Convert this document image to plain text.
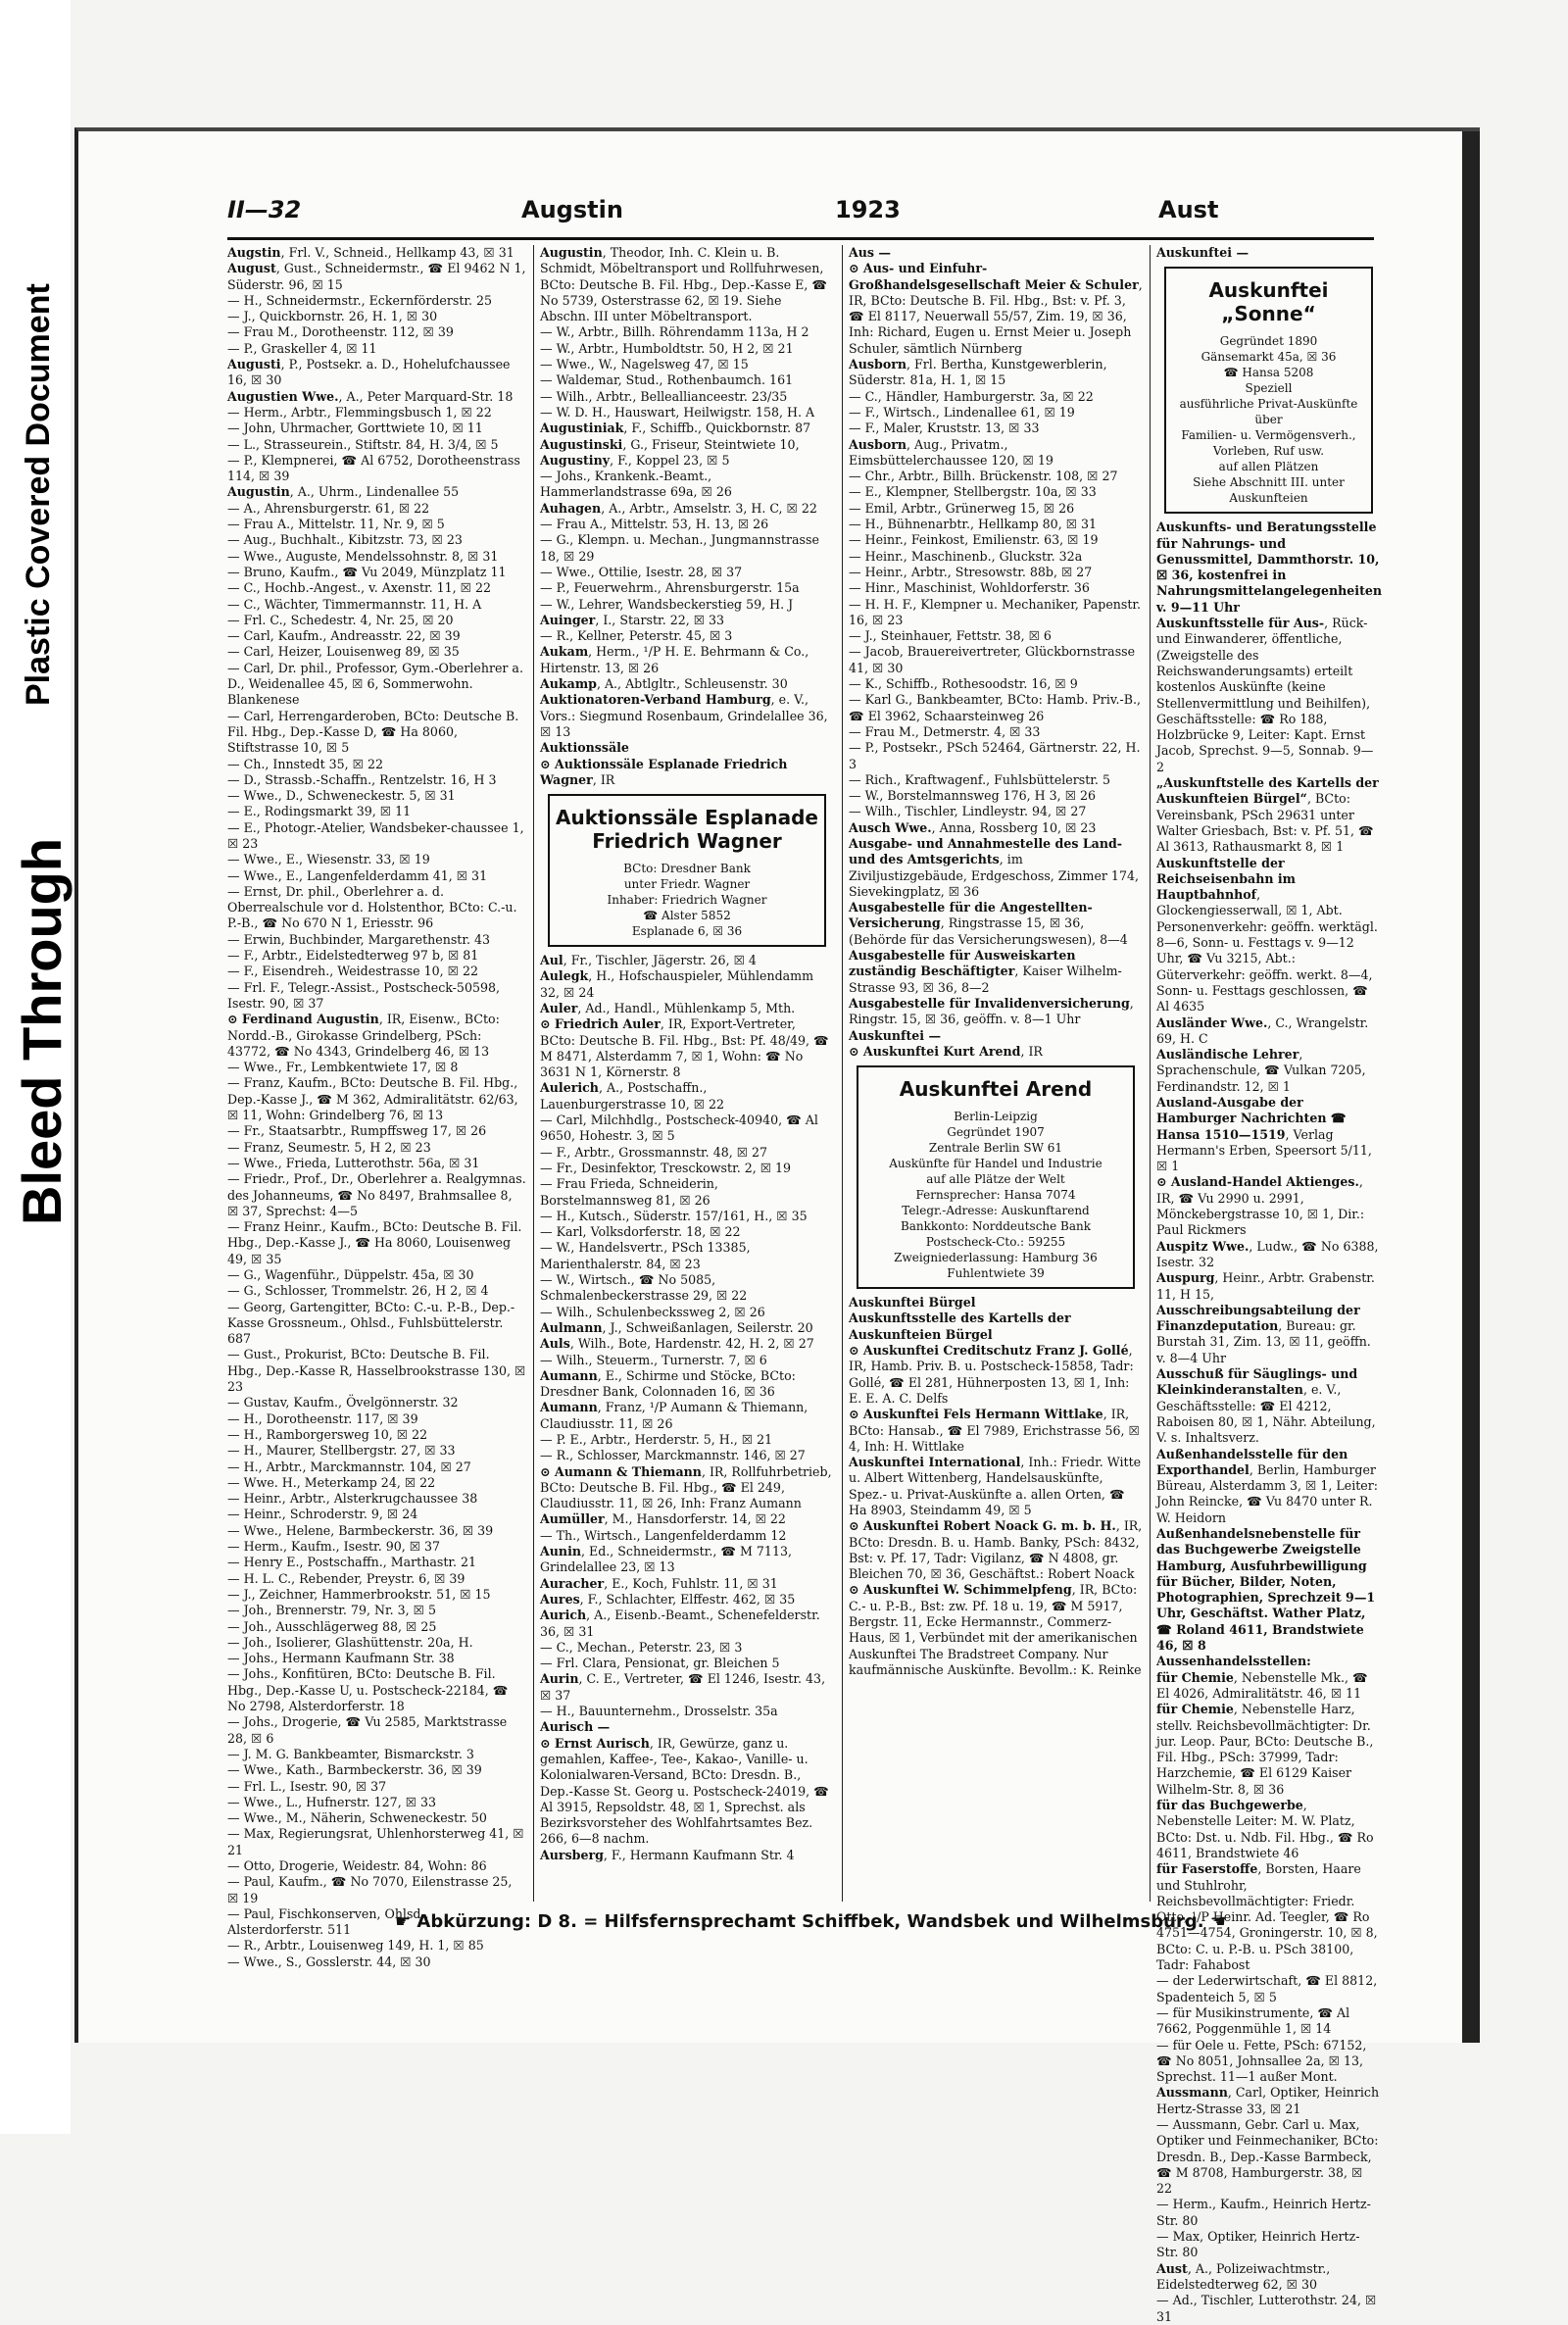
Bleed Through
Plastic Covered Document
II—32	Augstin	1923	Aust

Augstin, Frl. V., Schneid., Hellkamp 43, ☒ 31

August, Gust., Schneidermstr., ☎ El 9462 N 1, Süderstr. 96, ☒ 15

— H., Schneidermstr., Eckernförderstr. 25

— J., Quickbornstr. 26, H. 1, ☒ 30

— Frau M., Dorotheenstr. 112, ☒ 39

— P., Graskeller 4, ☒ 11

Augusti, P., Postsekr. a. D., Hohelufchaussee 16, ☒ 30

Augustien Wwe., A., Peter Marquard-Str. 18

— Herm., Arbtr., Flemmingsbusch 1, ☒ 22

— John, Uhrmacher, Gorttwiete 10, ☒ 11

— L., Strasseurein., Stiftstr. 84, H. 3/4, ☒ 5

— P., Klempnerei, ☎ Al 6752, Dorotheenstrass 114, ☒ 39

Augustin, A., Uhrm., Lindenallee 55

— A., Ahrensburgerstr. 61, ☒ 22

— Frau A., Mittelstr. 11, Nr. 9, ☒ 5

— Aug., Buchhalt., Kibitzstr. 73, ☒ 23

— Wwe., Auguste, Mendelssohnstr. 8, ☒ 31

— Bruno, Kaufm., ☎ Vu 2049, Münzplatz 11

— C., Hochb.-Angest., v. Axenstr. 11, ☒ 22

— C., Wächter, Timmermannstr. 11, H. A

— Frl. C., Schedestr. 4, Nr. 25, ☒ 20

— Carl, Kaufm., Andreasstr. 22, ☒ 39

— Carl, Heizer, Louisenweg 89, ☒ 35

— Carl, Dr. phil., Professor, Gym.-Oberlehrer a. D., Weidenallee 45, ☒ 6, Sommerwohn. Blankenese

— Carl, Herrengarderoben, BCto: Deutsche B. Fil. Hbg., Dep.-Kasse D, ☎ Ha 8060, Stiftstrasse 10, ☒ 5

— Ch., Innstedt 35, ☒ 22

— D., Strassb.-Schaffn., Rentzelstr. 16, H 3

— Wwe., D., Schweneckestr. 5, ☒ 31

— E., Rodingsmarkt 39, ☒ 11

— E., Photogr.-Atelier, Wandsbeker-chaussee 1, ☒ 23

— Wwe., E., Wiesenstr. 33, ☒ 19

— Wwe., E., Langenfelderdamm 41, ☒ 31

— Ernst, Dr. phil., Oberlehrer a. d. Oberrealschule vor d. Holstenthor, BCto: C.-u. P.-B., ☎ No 670 N 1, Eriesstr. 96

— Erwin, Buchbinder, Margarethenstr. 43

— F., Arbtr., Eidelstedterweg 97 b, ☒ 81

— F., Eisendreh., Weidestrasse 10, ☒ 22

— Frl. F., Telegr.-Assist., Postscheck-50598, Isestr. 90, ☒ 37

⊙ Ferdinand Augustin, IR, Eisenw., BCto: Nordd.-B., Girokasse Grindelberg, PSch: 43772, ☎ No 4343, Grindelberg 46, ☒ 13

— Wwe., Fr., Lembkentwiete 17, ☒ 8

— Franz, Kaufm., BCto: Deutsche B. Fil. Hbg., Dep.-Kasse J., ☎ M 362, Admiralitätstr. 62/63, ☒ 11, Wohn: Grindelberg 76, ☒ 13

— Fr., Staatsarbtr., Rumpffsweg 17, ☒ 26

— Franz, Seumestr. 5, H 2, ☒ 23

— Wwe., Frieda, Lutterothstr. 56a, ☒ 31

— Friedr., Prof., Dr., Oberlehrer a. Realgymnas. des Johanneums, ☎ No 8497, Brahmsallee 8, ☒ 37, Sprechst: 4—5

— Franz Heinr., Kaufm., BCto: Deutsche B. Fil. Hbg., Dep.-Kasse J., ☎ Ha 8060, Louisenweg 49, ☒ 35

— G., Wagenführ., Düppelstr. 45a, ☒ 30

— G., Schlosser, Trommelstr. 26, H 2, ☒ 4

— Georg, Gartengitter, BCto: C.-u. P.-B., Dep.-Kasse Grossneum., Ohlsd., Fuhlsbüttelerstr. 687

— Gust., Prokurist, BCto: Deutsche B. Fil. Hbg., Dep.-Kasse R, Hasselbrookstrasse 130, ☒ 23

— Gustav, Kaufm., Övelgönnerstr. 32

— H., Dorotheenstr. 117, ☒ 39

— H., Ramborgersweg 10, ☒ 22

— H., Maurer, Stellbergstr. 27, ☒ 33

— H., Arbtr., Marckmannstr. 104, ☒ 27

— Wwe. H., Meterkamp 24, ☒ 22

— Heinr., Arbtr., Alsterkrugchaussee 38

— Heinr., Schroderstr. 9, ☒ 24

— Wwe., Helene, Barmbeckerstr. 36, ☒ 39

— Herm., Kaufm., Isestr. 90, ☒ 37

— Henry E., Postschaffn., Marthastr. 21

— H. L. C., Rebender, Preystr. 6, ☒ 39

— J., Zeichner, Hammerbrookstr. 51, ☒ 15

— Joh., Brennerstr. 79, Nr. 3, ☒ 5

— Joh., Ausschlägerweg 88, ☒ 25

— Joh., Isolierer, Glashüttenstr. 20a, H.

— Johs., Hermann Kaufmann Str. 38

— Johs., Konfitüren, BCto: Deutsche B. Fil. Hbg., Dep.-Kasse U, u. Postscheck-22184, ☎ No 2798, Alsterdorferstr. 18

— Johs., Drogerie, ☎ Vu 2585, Marktstrasse 28, ☒ 6

— J. M. G. Bankbeamter, Bismarckstr. 3

— Wwe., Kath., Barmbeckerstr. 36, ☒ 39

— Frl. L., Isestr. 90, ☒ 37

— Wwe., L., Hufnerstr. 127, ☒ 33

— Wwe., M., Näherin, Schweneckestr. 50

— Max, Regierungsrat, Uhlenhorsterweg 41, ☒ 21

— Otto, Drogerie, Weidestr. 84, Wohn: 86

— Paul, Kaufm., ☎ No 7070, Eilenstrasse 25, ☒ 19

— Paul, Fischkonserven, Ohlsd., Alsterdorferstr. 511

— R., Arbtr., Louisenweg 149, H. 1, ☒ 85

— Wwe., S., Gosslerstr. 44, ☒ 30

Augustin, Theodor, Inh. C. Klein u. B. Schmidt, Möbeltransport und Rollfuhrwesen, BCto: Deutsche B. Fil. Hbg., Dep.-Kasse E, ☎ No 5739, Osterstrasse 62, ☒ 19. Siehe Abschn. III unter Möbeltransport.

— W., Arbtr., Billh. Röhrendamm 113a, H 2

— W., Arbtr., Humboldtstr. 50, H 2, ☒ 21

— Wwe., W., Nagelsweg 47, ☒ 15

— Waldemar, Stud., Rothenbaumch. 161

— Wilh., Arbtr., Belleallianceestr. 23/35

— W. D. H., Hauswart, Heilwigstr. 158, H. A

Augustiniak, F., Schiffb., Quickbornstr. 87

Augustinski, G., Friseur, Steintwiete 10,

Augustiny, F., Koppel 23, ☒ 5

— Johs., Krankenk.-Beamt., Hammerlandstrasse 69a, ☒ 26

Auhagen, A., Arbtr., Amselstr. 3, H. C, ☒ 22

— Frau A., Mittelstr. 53, H. 13, ☒ 26

— G., Klempn. u. Mechan., Jungmannstrasse 18, ☒ 29

— Wwe., Ottilie, Isestr. 28, ☒ 37

— P., Feuerwehrm., Ahrensburgerstr. 15a

— W., Lehrer, Wandsbeckerstieg 59, H. J

Auinger, I., Starstr. 22, ☒ 33

— R., Kellner, Peterstr. 45, ☒ 3

Aukam, Herm., ¹/P H. E. Behrmann & Co., Hirtenstr. 13, ☒ 26

Aukamp, A., Abtlgltr., Schleusenstr. 30

Auktionatoren-Verband Hamburg, e. V., Vors.: Siegmund Rosenbaum, Grindelallee 36, ☒ 13

Auktionssäle

⊙ Auktionssäle Esplanade Friedrich Wagner, IR

Auktionssäle Esplanade Friedrich Wagner
BCto: Dresdner Bank
unter Friedr. Wagner
Inhaber: Friedrich Wagner
☎ Alster 5852
Esplanade 6, ☒ 36

Aul, Fr., Tischler, Jägerstr. 26, ☒ 4

Aulegk, H., Hofschauspieler, Mühlendamm 32, ☒ 24

Auler, Ad., Handl., Mühlenkamp 5, Mth.

⊙ Friedrich Auler, IR, Export-Vertreter, BCto: Deutsche B. Fil. Hbg., Bst: Pf. 48/49, ☎ M 8471, Alsterdamm 7, ☒ 1, Wohn: ☎ No 3631 N 1, Körnerstr. 8

Aulerich, A., Postschaffn., Lauenburgerstrasse 10, ☒ 22

— Carl, Milchhdlg., Postscheck-40940, ☎ Al 9650, Hohestr. 3, ☒ 5

— F., Arbtr., Grossmannstr. 48, ☒ 27

— Fr., Desinfektor, Tresckowstr. 2, ☒ 19

— Frau Frieda, Schneiderin, Borstelmannsweg 81, ☒ 26

— H., Kutsch., Süderstr. 157/161, H., ☒ 35

— Karl, Volksdorferstr. 18, ☒ 22

— W., Handelsvertr., PSch 13385, Marienthalerstr. 84, ☒ 23

— W., Wirtsch., ☎ No 5085, Schmalenbeckerstrasse 29, ☒ 22

— Wilh., Schulenbeckssweg 2, ☒ 26

Aulmann, J., Schweißanlagen, Seilerstr. 20

Auls, Wilh., Bote, Hardenstr. 42, H. 2, ☒ 27

— Wilh., Steuerm., Turnerstr. 7, ☒ 6

Aumann, E., Schirme und Stöcke, BCto: Dresdner Bank, Colonnaden 16, ☒ 36

Aumann, Franz, ¹/P Aumann & Thiemann, Claudiusstr. 11, ☒ 26

— P. E., Arbtr., Herderstr. 5, H., ☒ 21

— R., Schlosser, Marckmannstr. 146, ☒ 27

⊙ Aumann & Thiemann, IR, Rollfuhrbetrieb, BCto: Deutsche B. Fil. Hbg., ☎ El 249, Claudiusstr. 11, ☒ 26, Inh: Franz Aumann

Aumüller, M., Hansdorferstr. 14, ☒ 22

— Th., Wirtsch., Langenfelderdamm 12

Aunin, Ed., Schneidermstr., ☎ M 7113, Grindelallee 23, ☒ 13

Auracher, E., Koch, Fuhlstr. 11, ☒ 31

Aures, F., Schlachter, Elffestr. 462, ☒ 35

Aurich, A., Eisenb.-Beamt., Schenefelderstr. 36, ☒ 31

— C., Mechan., Peterstr. 23, ☒ 3

— Frl. Clara, Pensionat, gr. Bleichen 5

Aurin, C. E., Vertreter, ☎ El 1246, Isestr. 43, ☒ 37

— H., Bauunternehm., Drosselstr. 35a

Aurisch —

⊙ Ernst Aurisch, IR, Gewürze, ganz u. gemahlen, Kaffee-, Tee-, Kakao-, Vanille- u. Kolonialwaren-Versand, BCto: Dresdn. B., Dep.-Kasse St. Georg u. Postscheck-24019, ☎ Al 3915, Repsoldstr. 48, ☒ 1, Sprechst. als Bezirksvorsteher des Wohlfahrtsamtes Bez. 266, 6—8 nachm.

Aursberg, F., Hermann Kaufmann Str. 4

Aus —

⊙ Aus- und Einfuhr-Großhandelsgesellschaft Meier & Schuler, IR, BCto: Deutsche B. Fil. Hbg., Bst: v. Pf. 3, ☎ El 8117, Neuerwall 55/57, Zim. 19, ☒ 36, Inh: Richard, Eugen u. Ernst Meier u. Joseph Schuler, sämtlich Nürnberg

Ausborn, Frl. Bertha, Kunstgewerblerin, Süderstr. 81a, H. 1, ☒ 15

— C., Händler, Hamburgerstr. 3a, ☒ 22

— F., Wirtsch., Lindenallee 61, ☒ 19

— F., Maler, Kruststr. 13, ☒ 33

Ausborn, Aug., Privatm., Eimsbüttelerchaussee 120, ☒ 19

— Chr., Arbtr., Billh. Brückenstr. 108, ☒ 27

— E., Klempner, Stellbergstr. 10a, ☒ 33

— Emil, Arbtr., Grünerweg 15, ☒ 26

— H., Bühnenarbtr., Hellkamp 80, ☒ 31

— Heinr., Feinkost, Emilienstr. 63, ☒ 19

— Heinr., Maschinenb., Gluckstr. 32a

— Heinr., Arbtr., Stresowstr. 88b, ☒ 27

— Hinr., Maschinist, Wohldorferstr. 36

— H. H. F., Klempner u. Mechaniker, Papenstr. 16, ☒ 23

— J., Steinhauer, Fettstr. 38, ☒ 6

— Jacob, Brauereivertreter, Glückbornstrasse 41, ☒ 30

— K., Schiffb., Rothesoodstr. 16, ☒ 9

— Karl G., Bankbeamter, BCto: Hamb. Priv.-B., ☎ El 3962, Schaarsteinweg 26

— Frau M., Detmerstr. 4, ☒ 33

— P., Postsekr., PSch 52464, Gärtnerstr. 22, H. 3

— Rich., Kraftwagenf., Fuhlsbüttelerstr. 5

— W., Borstelmannsweg 176, H 3, ☒ 26

— Wilh., Tischler, Lindleystr. 94, ☒ 27

Ausch Wwe., Anna, Rossberg 10, ☒ 23

Ausgabe- und Annahmestelle des Land- und des Amtsgerichts, im Ziviljustizgebäude, Erdgeschoss, Zimmer 174, Sievekingplatz, ☒ 36

Ausgabestelle für die Angestellten-Versicherung, Ringstrasse 15, ☒ 36, (Behörde für das Versicherungswesen), 8—4

Ausgabestelle für Ausweiskarten zuständig Beschäftigter, Kaiser Wilhelm-Strasse 93, ☒ 36, 8—2

Ausgabestelle für Invalidenversicherung, Ringstr. 15, ☒ 36, geöffn. v. 8—1 Uhr

Auskunftei —

⊙ Auskunftei Kurt Arend, IR

Auskunftei Arend
Berlin-Leipzig
Gegründet 1907
Zentrale Berlin SW 61
Auskünfte für Handel und Industrie
auf alle Plätze der Welt
Fernsprecher: Hansa 7074
Telegr.-Adresse: Auskunftarend
Bankkonto: Norddeutsche Bank
Postscheck-Cto.: 59255
Zweigniederlassung: Hamburg 36
Fuhlentwiete 39

Auskunftei Bürgel

Auskunftsstelle des Kartells der Auskunfteien Bürgel

⊙ Auskunftei Creditschutz Franz J. Gollé, IR, Hamb. Priv. B. u. Postscheck-15858, Tadr: Gollé, ☎ El 281, Hühnerposten 13, ☒ 1, Inh: E. E. A. C. Delfs

⊙ Auskunftei Fels Hermann Wittlake, IR, BCto: Hansab., ☎ El 7989, Erichstrasse 56, ☒ 4, Inh: H. Wittlake

Auskunftei International, Inh.: Friedr. Witte u. Albert Wittenberg, Handelsauskünfte, Spez.- u. Privat-Auskünfte a. allen Orten, ☎ Ha 8903, Steindamm 49, ☒ 5

⊙ Auskunftei Robert Noack G. m. b. H., IR, BCto: Dresdn. B. u. Hamb. Banky, PSch: 8432, Bst: v. Pf. 17, Tadr: Vigilanz, ☎ N 4808, gr. Bleichen 70, ☒ 36, Geschäftst.: Robert Noack

⊙ Auskunftei W. Schimmelpfeng, IR, BCto: C.- u. P.-B., Bst: zw. Pf. 18 u. 19, ☎ M 5917, Bergstr. 11, Ecke Hermannstr., Commerz-Haus, ☒ 1, Verbündet mit der amerikanischen Auskunftei The Bradstreet Company. Nur kaufmännische Auskünfte. Bevollm.: K. Reinke

Auskunftei —

Auskunftei „Sonne“
Gegründet 1890
Gänsemarkt 45a, ☒ 36
☎ Hansa 5208
Speziell
ausführliche Privat-Auskünfte
über
Familien- u. Vermögensverh.,
Vorleben, Ruf usw.
auf allen Plätzen
Siehe Abschnitt III. unter
Auskunfteien

Auskunfts- und Beratungsstelle für Nahrungs- und Genussmittel, Dammthorstr. 10, ☒ 36, kostenfrei in Nahrungsmittelangelegenheiten v. 9—11 Uhr

Auskunftsstelle für Aus-, Rück- und Einwanderer, öffentliche, (Zweigstelle des Reichswanderungsamts) erteilt kostenlos Auskünfte (keine Stellenvermittlung und Beihilfen), Geschäftsstelle: ☎ Ro 188, Holzbrücke 9, Leiter: Kapt. Ernst Jacob, Sprechst. 9—5, Sonnab. 9—2

„Auskunftstelle des Kartells der Auskunfteien Bürgel“, BCto: Vereinsbank, PSch 29631 unter Walter Griesbach, Bst: v. Pf. 51, ☎ Al 3613, Rathausmarkt 8, ☒ 1

Auskunftstelle der Reichseisenbahn im Hauptbahnhof, Glockengiesserwall, ☒ 1, Abt. Personenverkehr: geöffn. werktägl. 8—6, Sonn- u. Festtags v. 9—12 Uhr, ☎ Vu 3215, Abt.: Güterverkehr: geöffn. werkt. 8—4, Sonn- u. Festtags geschlossen, ☎ Al 4635

Ausländer Wwe., C., Wrangelstr. 69, H. C

Ausländische Lehrer, Sprachenschule, ☎ Vulkan 7205, Ferdinandstr. 12, ☒ 1

Ausland-Ausgabe der Hamburger Nachrichten ☎ Hansa 1510—1519, Verlag Hermann's Erben, Speersort 5/11, ☒ 1

⊙ Ausland-Handel Aktienges., IR, ☎ Vu 2990 u. 2991, Mönckebergstrasse 10, ☒ 1, Dir.: Paul Rickmers

Auspitz Wwe., Ludw., ☎ No 6388, Isestr. 32

Auspurg, Heinr., Arbtr. Grabenstr. 11, H 15,

Ausschreibungsabteilung der Finanzdeputation, Bureau: gr. Burstah 31, Zim. 13, ☒ 11, geöffn. v. 8—4 Uhr

Ausschuß für Säuglings- und Kleinkinderanstalten, e. V., Geschäftsstelle: ☎ El 4212, Raboisen 80, ☒ 1, Nähr. Abteilung, V. s. Inhaltsverz.

Außenhandelsstelle für den Exporthandel, Berlin, Hamburger Büreau, Alsterdamm 3, ☒ 1, Leiter: John Reincke, ☎ Vu 8470 unter R. W. Heidorn

Außenhandelsnebenstelle für das Buchgewerbe Zweigstelle Hamburg, Ausfuhrbewilligung für Bücher, Bilder, Noten, Photographien, Sprechzeit 9—1 Uhr, Geschäftst. Wather Platz, ☎ Roland 4611, Brandstwiete 46, ☒ 8

Aussenhandelsstellen:

für Chemie, Nebenstelle Mk., ☎ El 4026, Admiralitätstr. 46, ☒ 11

für Chemie, Nebenstelle Harz, stellv. Reichsbevollmächtigter: Dr. jur. Leop. Paur, BCto: Deutsche B., Fil. Hbg., PSch: 37999, Tadr: Harzchemie, ☎ El 6129 Kaiser Wilhelm-Str. 8, ☒ 36

für das Buchgewerbe, Nebenstelle Leiter: M. W. Platz, BCto: Dst. u. Ndb. Fil. Hbg., ☎ Ro 4611, Brandstwiete 46

für Faserstoffe, Borsten, Haare und Stuhlrohr, Reichsbevollmächtigter: Friedr. Otto, ¹/P Heinr. Ad. Teegler, ☎ Ro 4751—4754, Groningerstr. 10, ☒ 8, BCto: C. u. P.-B. u. PSch 38100, Tadr: Fahabost

— der Lederwirtschaft, ☎ El 8812, Spadenteich 5, ☒ 5

— für Musikinstrumente, ☎ Al 7662, Poggenmühle 1, ☒ 14

— für Oele u. Fette, PSch: 67152, ☎ No 8051, Johnsallee 2a, ☒ 13, Sprechst. 11—1 außer Mont.

Aussmann, Carl, Optiker, Heinrich Hertz-Strasse 33, ☒ 21

— Aussmann, Gebr. Carl u. Max, Optiker und Feinmechaniker, BCto: Dresdn. B., Dep.-Kasse Barmbeck, ☎ M 8708, Hamburgerstr. 38, ☒ 22

— Herm., Kaufm., Heinrich Hertz-Str. 80

— Max, Optiker, Heinrich Hertz-Str. 80

Aust, A., Polizeiwachtmstr., Eidelstedterweg 62, ☒ 30

— Ad., Tischler, Lutterothstr. 24, ☒ 31

☛ Abkürzung: D 8. = Hilfsfernsprechamt Schiffbek, Wandsbek und Wilhelmsburg. ☚
